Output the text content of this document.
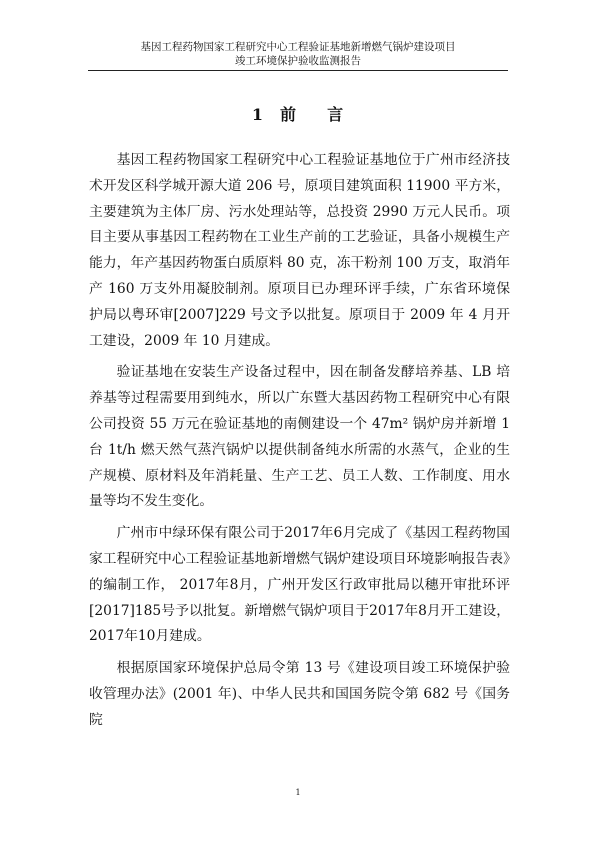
基因工程药物国家工程研究中心工程验证基地新增燃气锅炉建设项目
竣工环境保护验收监测报告
1 前 言

基因工程药物国家工程研究中心工程验证基地位于广州市经济技术开发区科学城开源大道 206 号，原项目建筑面积 11900 平方米，主要建筑为主体厂房、污水处理站等，总投资 2990 万元人民币。项目主要从事基因工程药物在工业生产前的工艺验证，具备小规模生产能力，年产基因药物蛋白质原料 80 克，冻干粉剂 100 万支，取消年产 160 万支外用凝胶制剂。原项目已办理环评手续，广东省环境保护局以粤环审[2007]229 号文予以批复。原项目于 2009 年 4 月开工建设，2009 年 10 月建成。

验证基地在安装生产设备过程中，因在制备发酵培养基、LB 培养基等过程需要用到纯水，所以广东暨大基因药物工程研究中心有限公司投资 55 万元在验证基地的南侧建设一个 47m² 锅炉房并新增 1 台 1t/h 燃天然气蒸汽锅炉以提供制备纯水所需的水蒸气，企业的生产规模、原材料及年消耗量、生产工艺、员工人数、工作制度、用水量等均不发生变化。

广州市中绿环保有限公司于2017年6月完成了《基因工程药物国家工程研究中心工程验证基地新增燃气锅炉建设项目环境影响报告表》的编制工作， 2017年8月，广州开发区行政审批局以穗开审批环评[2017]185号予以批复。新增燃气锅炉项目于2017年8月开工建设，2017年10月建成。

根据原国家环境保护总局令第 13 号《建设项目竣工环境保护验收管理办法》(2001 年)、中华人民共和国国务院令第 682 号《国务院

1
